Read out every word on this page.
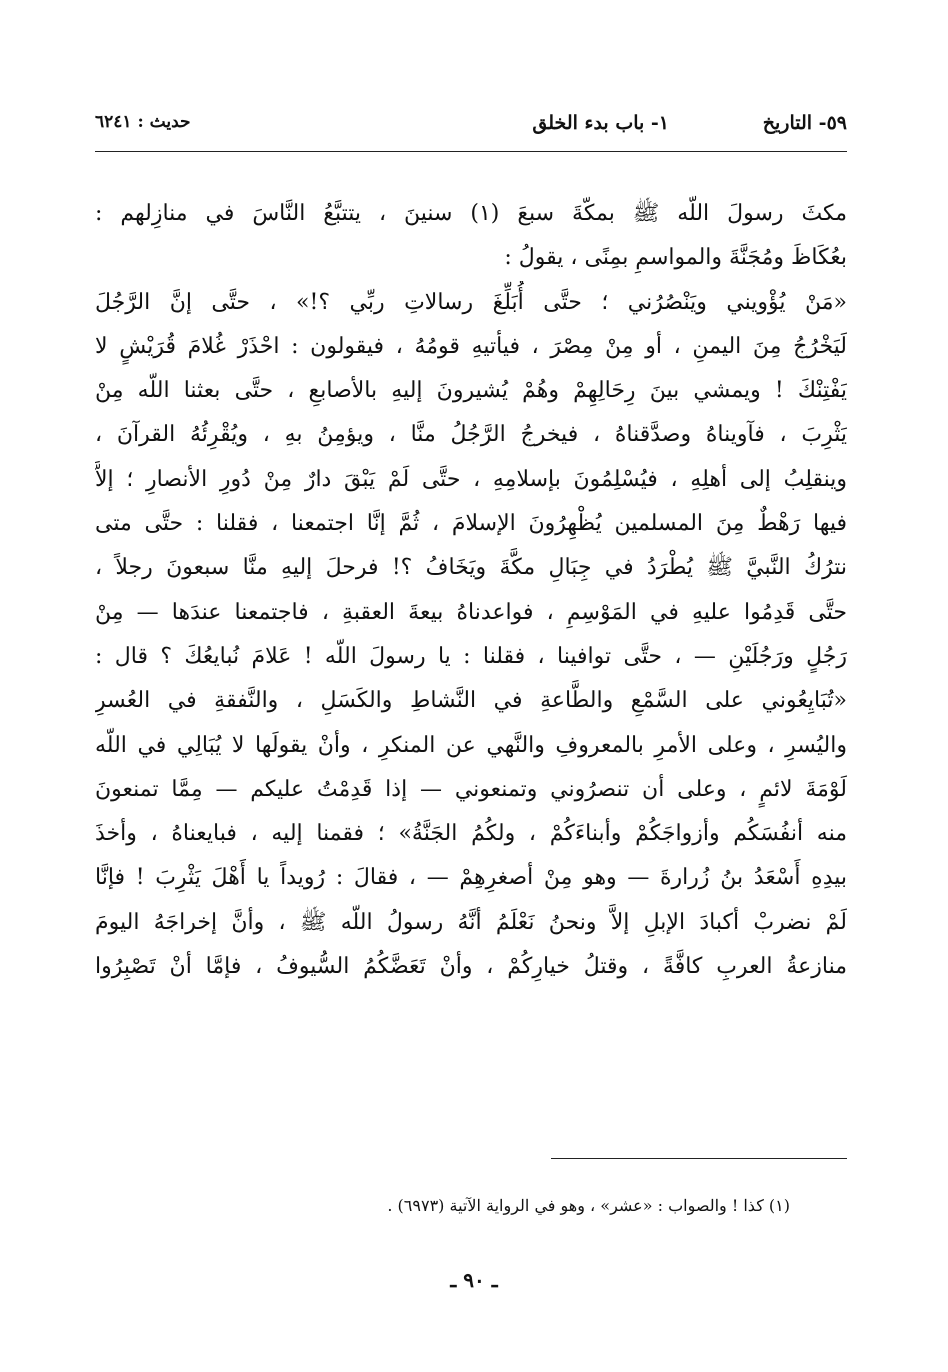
٥٩- التاريخ
١- باب بدء الخلق
حديث : ٦٢٤١
مكثَ رسولَ اللّه ﷺ بمكّةَ سبعَ (١) سنينَ ، يتتبَّعُ النَّاسَ في منازِلهم :
بعُكَاظَ ومُجَنَّةَ والمواسمِ بمِنًى ، يقولُ :
«مَنْ يُؤْويني ويَنْصُرُني ؛ حتَّى أُبَلِّغَ رسالاتِ ربِّي ؟!» ، حتَّى إنَّ الرَّجُلَ
لَيَخْرُجُ مِنَ اليمنِ ، أو مِنْ مِصْرَ ، فيأتيهِ قومُهُ ، فيقولون : احْذَرْ غُلامَ قُرَيْشٍ لا
يَفْتِنْكَ ! ويمشي بينَ رِحَالِهِمْ وهُمْ يُشيرونَ إليهِ بالأصابعِ ، حتَّى بعثنا اللّه مِنْ
يَثْرِبَ ، فآويناهُ وصدَّقناهُ ، فيخرجُ الرَّجُلُ منَّا ، ويؤمِنُ بهِ ، ويُقْرِئُهُ القرآنَ ،
وينقلِبُ إلى أهلِهِ ، فيُسْلِمُونَ بإسلامِهِ ، حتَّى لَمْ يَبْقَ دارٌ مِنْ دُورِ الأنصارِ ؛ إلاَّ
فيها رَهْطٌ مِنَ المسلمين يُظْهِرُونَ الإسلامَ ، ثُمَّ إنَّا اجتمعنا ، فقلنا : حتَّى متى
نترُكُ النَّبيَّ ﷺ يُطْرَدُ في جِبَالِ مكَّةَ ويَخَافُ ؟! فرحلَ إليهِ منَّا سبعونَ رجلاً ،
حتَّى قَدِمُوا عليهِ في المَوْسِمِ ، فواعدناهُ بيعةَ العقبةِ ، فاجتمعنا عندَها — مِنْ
رَجُلٍ ورَجُلَيْنِ — ، حتَّى توافينا ، فقلنا : يا رسولَ اللّه ! عَلامَ نُبايعُكَ ؟ قال :
«تُبَايِعُوني على السَّمْعِ والطَّاعةِ في النَّشاطِ والكَسَلِ ، والنَّفقةِ في العُسرِ
واليُسرِ ، وعلى الأمرِ بالمعروفِ والنَّهي عن المنكرِ ، وأنْ يقولَها لا يُبَالِي في اللّه
لَوْمَةَ لائمٍ ، وعلى أن تنصرُوني وتمنعوني — إذا قَدِمْتُ عليكم — مِمَّا تمنعونَ
منه أنفُسَكُم وأزواجَكُمْ وأبناءَكُمْ ، ولكُمُ الجَنَّةُ» ؛ فقمنا إليه ، فبايعناهُ ، وأخذَ
بيدِهِ أَسْعَدُ بنُ زُرارةَ — وهو مِنْ أصغرِهِمْ — ، فقالَ : رُويداً يا أَهْلَ يَثْرِبَ ! فإنَّا
لَمْ نضربْ أكبادَ الإبلِ إلاَّ ونحنُ نَعْلَمُ أنَّهُ رسولُ اللّه ﷺ ، وأنَّ إخراجَهُ اليومَ
منازعةُ العربِ كافَّةً ، وقتلُ خيارِكُمْ ، وأنْ تَعَضَّكُمُ السُّيوفُ ، فإمَّا أنْ تَصْبِرُوا
(١) كذا ! والصواب : «عشر» ، وهو في الرواية الآتية (٦٩٧٣) .
ـ ٩٠ ـ
